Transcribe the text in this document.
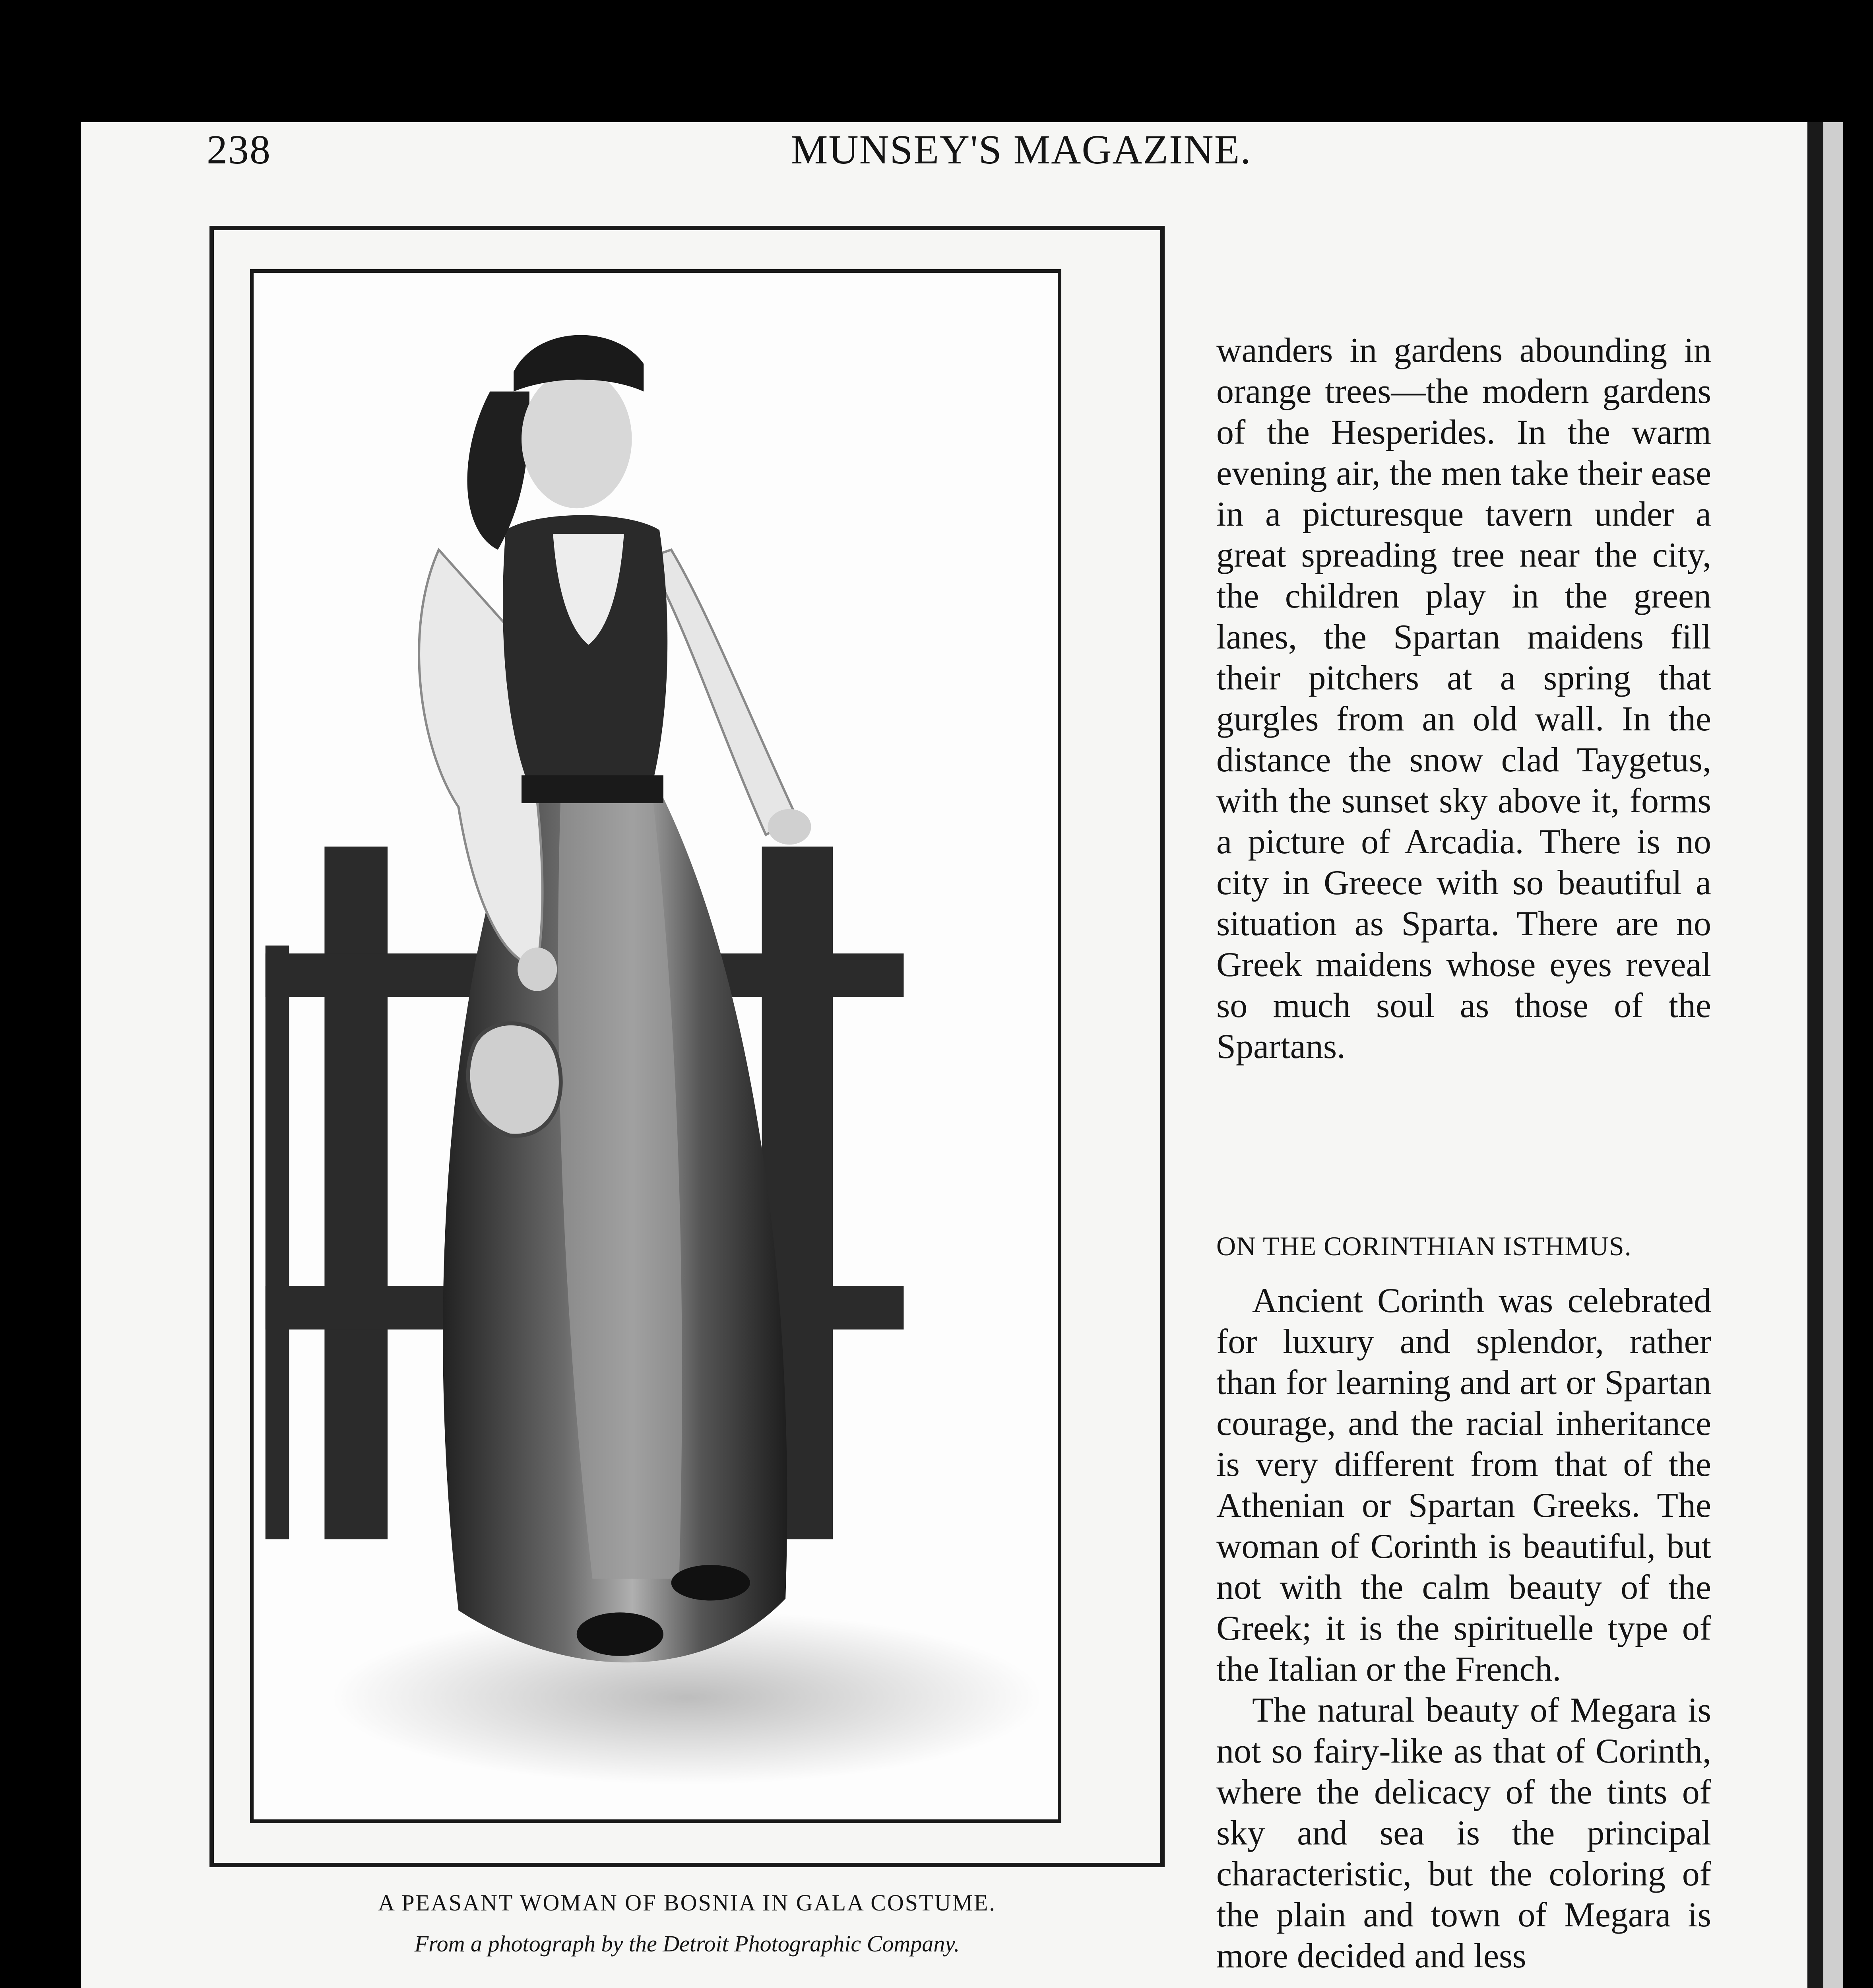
238	MUNSEY'S MAGAZINE.
A PEASANT WOMAN OF BOSNIA IN GALA COSTUME.
From a photograph by the Detroit Photographic Company.

wanders in gardens abounding in orange trees—the modern gardens of the Hesperides. In the warm evening air, the men take their ease in a picturesque tavern under a great spreading tree near the city, the children play in the green lanes, the Spartan maidens fill their pitchers at a spring that gurgles from an old wall. In the distance the snow clad Taygetus, with the sunset sky above it, forms a picture of Arcadia. There is no city in Greece with so beautiful a situation as Sparta. There are no Greek maidens whose eyes reveal so much soul as those of the Spartans.

ON THE CORINTHIAN ISTHMUS.

Ancient Corinth was celebrated for luxury and splendor, rather than for learning and art or Spartan courage, and the racial inheritance is very different from that of the Athenian or Spartan Greeks. The woman of Corinth is beautiful, but not with the calm beauty of the Greek; it is the spirituelle type of the Italian or the French.

The natural beauty of Megara is not so fairy-like as that of Corinth, where the delicacy of the tints of sky and sea is the principal characteristic, but the coloring of the plain and town of Megara is more decided and less
